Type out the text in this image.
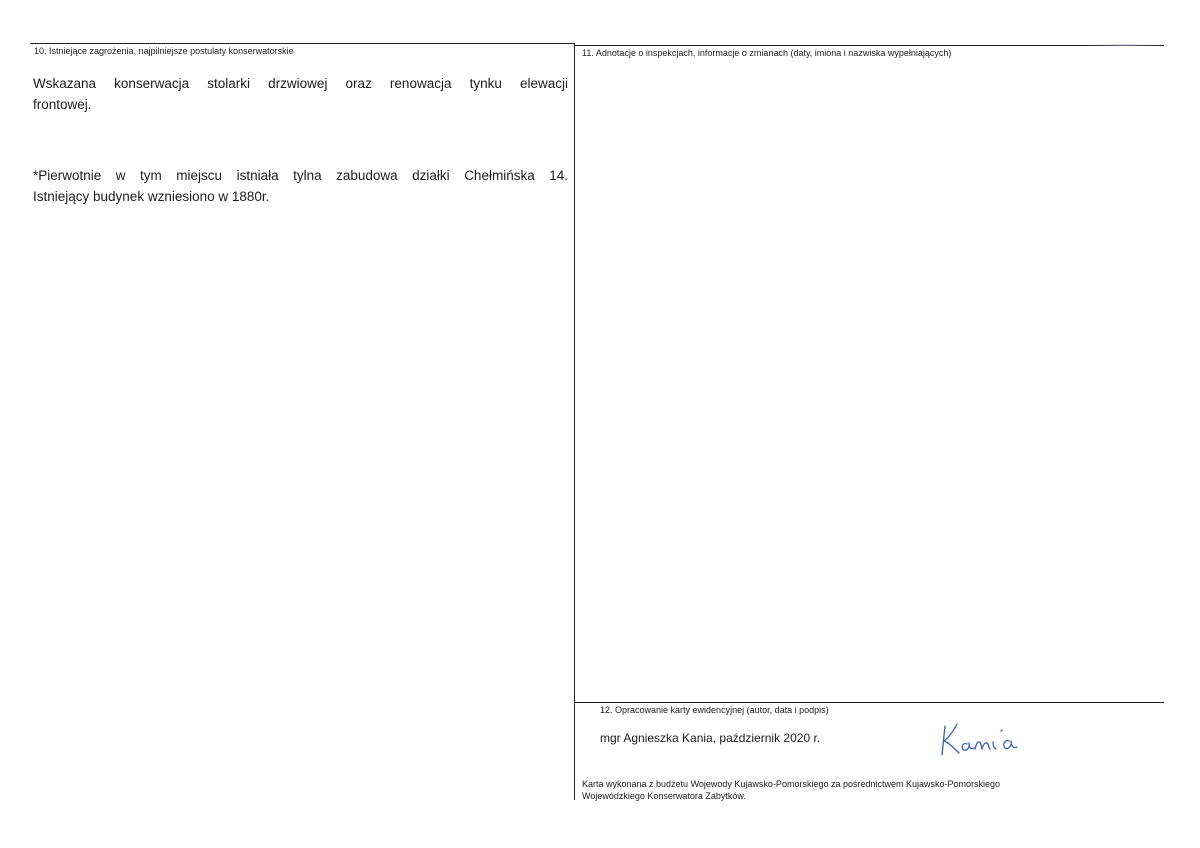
10. Istniejące zagrożenia, najpilniejsze postulaty konserwatorskie
Wskazana konserwacja stolarki drzwiowej oraz renowacja tynku elewacji
frontowej.
*Pierwotnie w tym miejscu istniała tylna zabudowa działki Chełmińska 14.
Istniejący budynek wzniesiono w 1880r.
11. Adnotacje o inspekcjach, informacje o zmianach (daty, imiona i nazwiska wypełniających)
12. Opracowanie karty ewidencyjnej (autor, data i podpis)
mgr Agnieszka Kania, październik 2020 r.
Karta wykonana z budżetu Wojewody Kujawsko-Pomorskiego za pośrednictwem Kujawsko-Pomorskiego
Wojewódzkiego Konserwatora Zabytków.
